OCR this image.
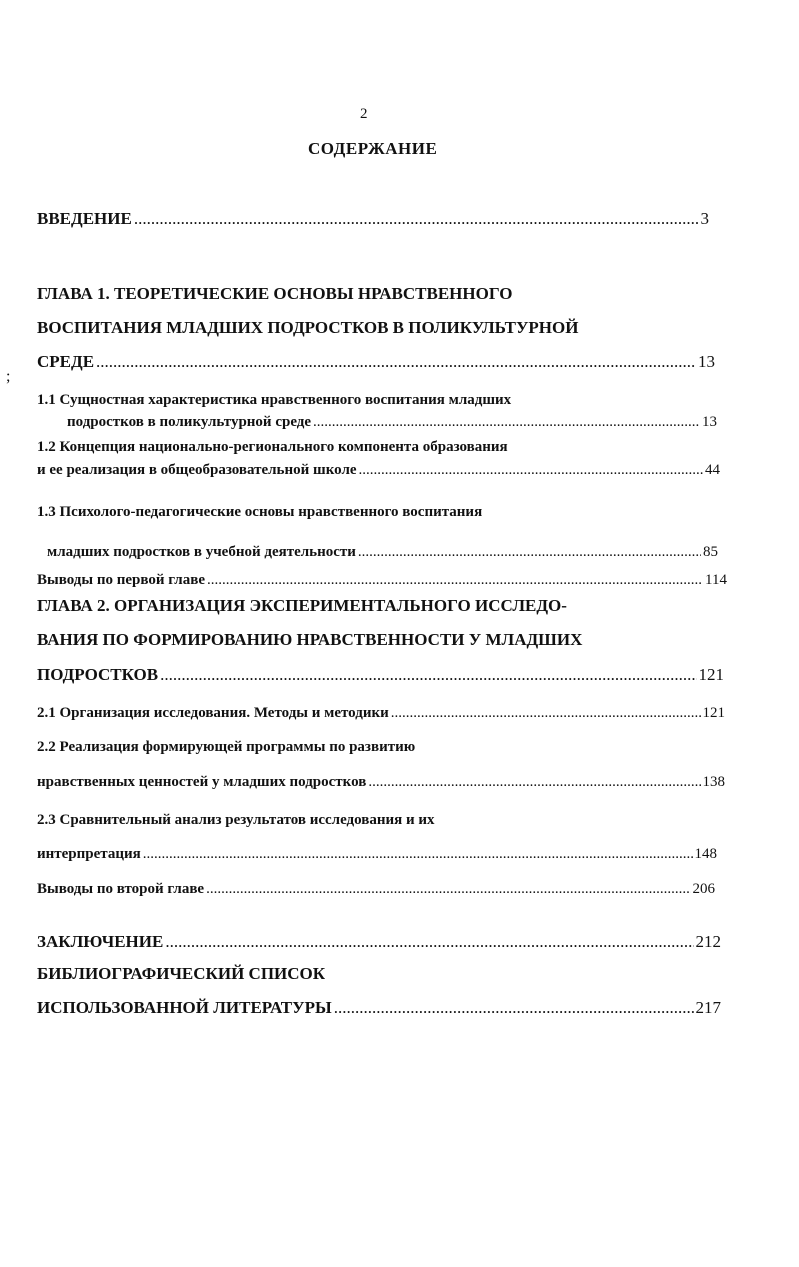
2
СОДЕРЖАНИЕ
;
ВВЕДЕНИЕ .....	3
ГЛАВА 1. ТЕОРЕТИЧЕСКИЕ ОСНОВЫ НРАВСТВЕННОГО
ВОСПИТАНИЯ МЛАДШИХ ПОДРОСТКОВ В ПОЛИКУЛЬТУРНОЙ
СРЕДЕ .....	13
1.1 Сущностная характеристика нравственного воспитания младших
подростков в поликультурной среде .....	13
1.2 Концепция национально-регионального компонента образования
и ее реализация в общеобразовательной школе .....	44
1.3 Психолого-педагогические основы нравственного воспитания
младших подростков в учебной деятельности .....	85
Выводы по первой главе .....	114
ГЛАВА 2. ОРГАНИЗАЦИЯ ЭКСПЕРИМЕНТАЛЬНОГО ИССЛЕДО-
ВАНИЯ ПО ФОРМИРОВАНИЮ НРАВСТВЕННОСТИ У МЛАДШИХ
ПОДРОСТКОВ .....	121
2.1 Организация исследования. Методы и методики .....	121
2.2 Реализация формирующей программы по развитию
нравственных ценностей у младших подростков .....	138
2.3 Сравнительный анализ результатов исследования и их
интерпретация .....	148
Выводы по второй главе .....	206
ЗАКЛЮЧЕНИЕ .....	212
БИБЛИОГРАФИЧЕСКИЙ СПИСОК
ИСПОЛЬЗОВАННОЙ ЛИТЕРАТУРЫ .....	217
